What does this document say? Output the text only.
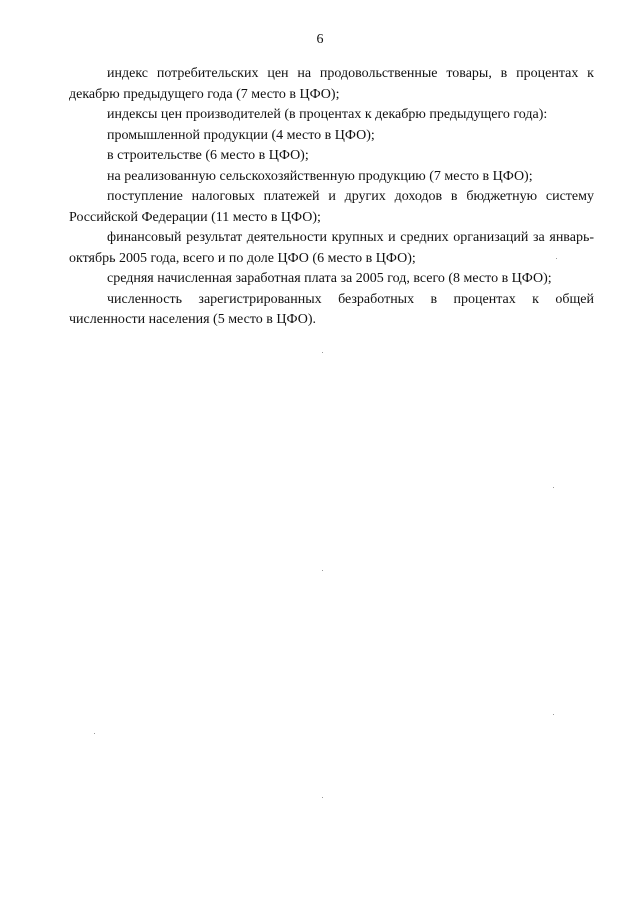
6

индекс потребительских цен на продовольственные товары, в процентах к декабрю предыдущего года (7 место в ЦФО);

индексы цен производителей (в процентах к декабрю предыдущего года):

промышленной продукции (4 место в ЦФО);

в строительстве (6 место в ЦФО);

на реализованную сельскохозяйственную продукцию (7 место в ЦФО);

поступление налоговых платежей и других доходов в бюджетную систему Российской Федерации (11 место в ЦФО);

финансовый результат деятельности крупных и средних организаций за январь-октябрь 2005 года, всего и по доле ЦФО (6 место в ЦФО);

средняя начисленная заработная плата за 2005 год, всего (8 место в ЦФО);

численность зарегистрированных безработных в процентах к общей численности населения (5 место в ЦФО).
